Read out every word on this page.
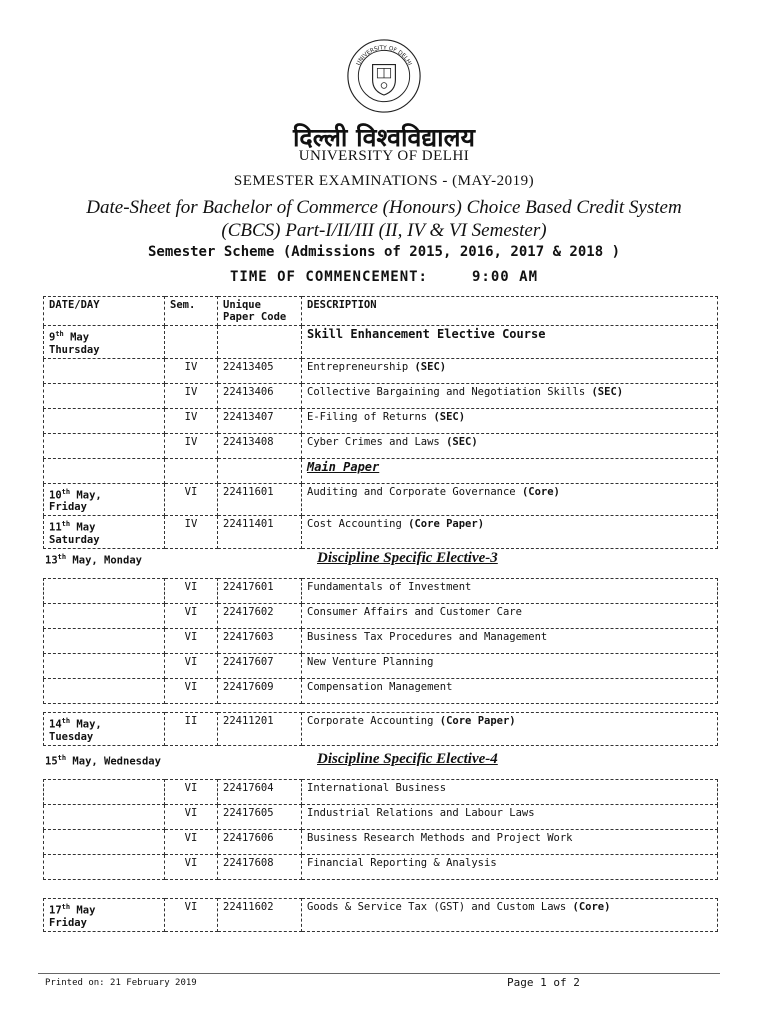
UNIVERSITY OF DELHI
दिल्ली विश्वविद्यालय
UNIVERSITY OF DELHI
SEMESTER EXAMINATIONS - (MAY-2019)
Date-Sheet for Bachelor of Commerce (Honours) Choice Based Credit System
(CBCS) Part-I/II/III (II, IV & VI Semester)
Semester Scheme (Admissions of 2015, 2016, 2017 & 2018 )
TIME OF COMMENCEMENT:	9:00 AM
DATE/DAY	Sem.	Unique Paper Code	DESCRIPTION
9th May
Thursday			Skill Enhancement Elective Course
	IV	22413405	Entrepreneurship (SEC)
	IV	22413406	Collective Bargaining and Negotiation Skills (SEC)
	IV	22413407	E-Filing of Returns (SEC)
	IV	22413408	Cyber Crimes and Laws (SEC)
			Main Paper
10th May,
Friday	VI	22411601	Auditing and Corporate Governance (Core)
11th May
Saturday	IV	22411401	Cost Accounting (Core Paper)
13th May, Monday	Discipline Specific Elective-3
	VI	22417601	Fundamentals of Investment
	VI	22417602	Consumer Affairs and Customer Care
	VI	22417603	Business Tax Procedures and Management
	VI	22417607	New Venture Planning
	VI	22417609	Compensation Management
14th May,
Tuesday	II	22411201	Corporate Accounting (Core Paper)
15th May, Wednesday	Discipline Specific Elective-4
	VI	22417604	International Business
	VI	22417605	Industrial Relations and Labour Laws
	VI	22417606	Business Research Methods and Project Work
	VI	22417608	Financial Reporting & Analysis
17th May
Friday	VI	22411602	Goods & Service Tax (GST) and Custom Laws (Core)
Printed on: 21 February 2019	Page 1 of 2
